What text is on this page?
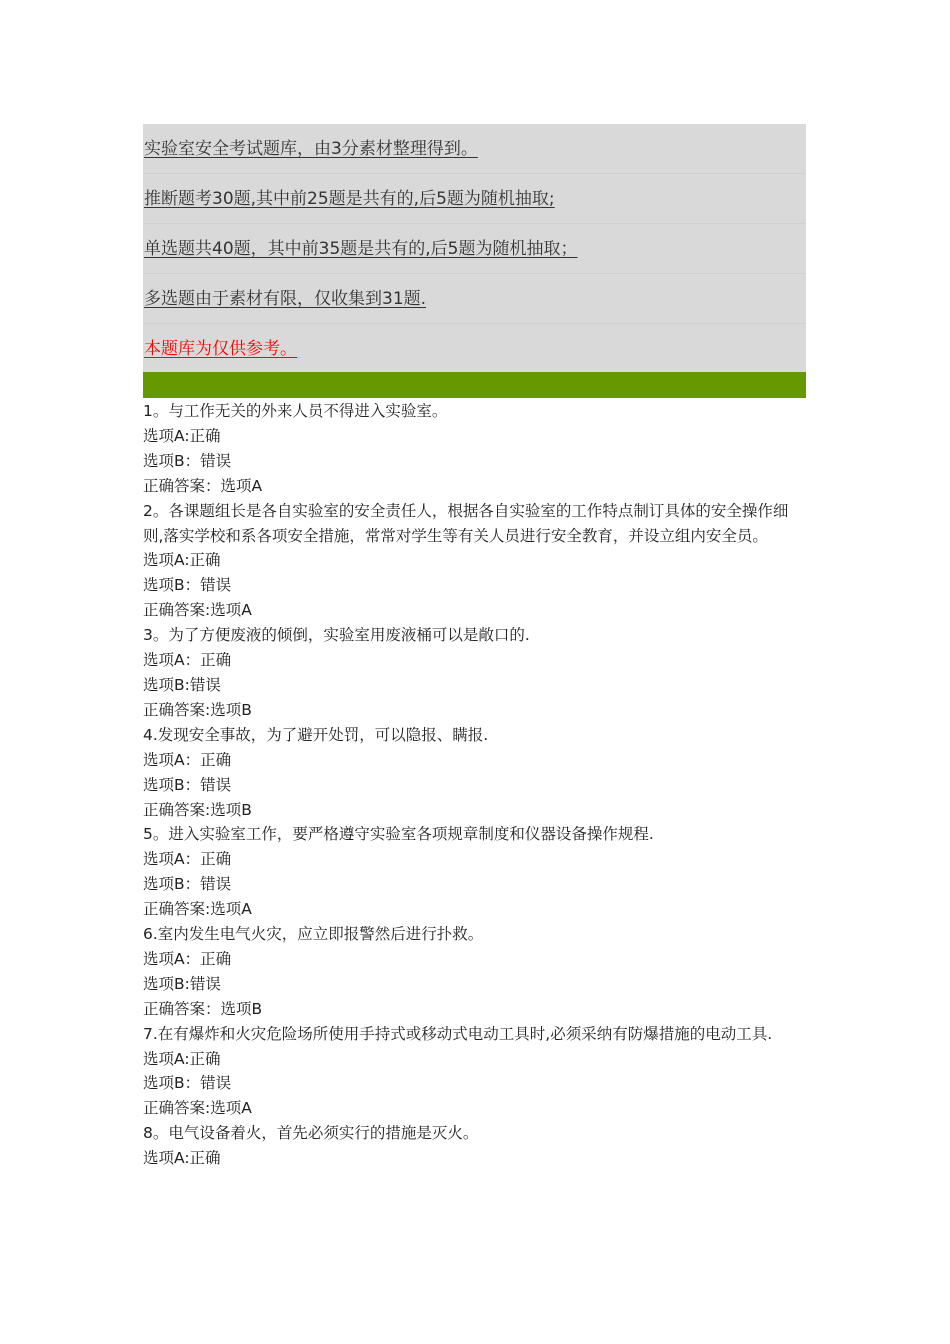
实验室安全考试题库，由3分素材整理得到。
推断题考30题,其中前25题是共有的,后5题为随机抽取;
单选题共40题，其中前35题是共有的,后5题为随机抽取；
多选题由于素材有限，仅收集到31题.
本题库为仅供参考。
1。与工作无关的外来人员不得进入实验室。
选项A:正确
选项B：错误
正确答案：选项A
2。各课题组长是各自实验室的安全责任人，根据各自实验室的工作特点制订具体的安全操作细则,落实学校和系各项安全措施，常常对学生等有关人员进行安全教育，并设立组内安全员。
选项A:正确
选项B：错误
正确答案:选项A
3。为了方便废液的倾倒，实验室用废液桶可以是敞口的.
选项A：正确
选项B:错误
正确答案:选项B
4.发现安全事故，为了避开处罚，可以隐报、瞒报.
选项A：正确
选项B：错误
正确答案:选项B
5。进入实验室工作，要严格遵守实验室各项规章制度和仪器设备操作规程.
选项A：正确
选项B：错误
正确答案:选项A
6.室内发生电气火灾，应立即报警然后进行扑救。
选项A：正确
选项B:错误
正确答案：选项B
7.在有爆炸和火灾危险场所使用手持式或移动式电动工具时,必须采纳有防爆措施的电动工具.
选项A:正确
选项B：错误
正确答案:选项A
8。电气设备着火，首先必须实行的措施是灭火。
选项A:正确
